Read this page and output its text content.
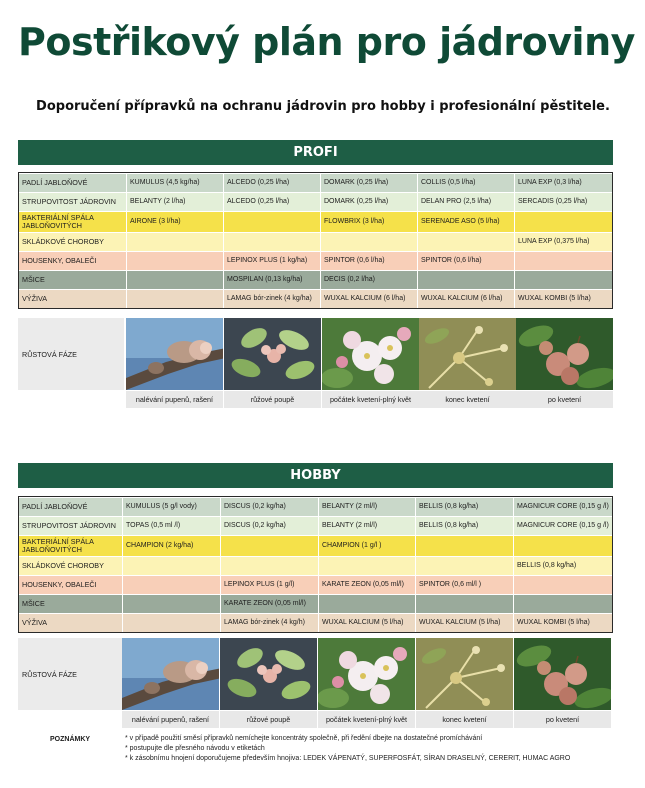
Postřikový plán pro jádroviny
Doporučení přípravků na ochranu jádrovin pro hobby i profesionální pěstitele.
PROFI
PADLÍ JABLOŇOVÉ	KUMULUS (4,5 kg/ha)	ALCEDO (0,25 l/ha)	DOMARK (0,25 l/ha)	COLLIS (0,5 l/ha)	LUNA EXP (0,3 l/ha)
STRUPOVITOST JÁDROVIN	BELANTY (2 l/ha)	ALCEDO (0,25 l/ha)	DOMARK (0,25 l/ha)	DELAN PRO (2,5 l/ha)	SERCADIS (0,25 l/ha)
BAKTERIÁLNÍ SPÁLA JABLOŇOVITÝCH	AIRONE (3 l/ha)		FLOWBRIX (3 l/ha)	SERENADE ASO (5 l/ha)	
SKLÁDKOVÉ CHOROBY					LUNA EXP (0,375 l/ha)
HOUSENKY, OBALEČI		LEPINOX PLUS (1 kg/ha)	SPINTOR (0,6 l/ha)	SPINTOR (0,6 l/ha)	
MŠICE		MOSPILAN (0,13 kg/ha)	DECIS (0,2 l/ha)		
VÝŽIVA		LAMAG bór-zinek (4 kg/ha)	WUXAL KALCIUM (6 l/ha)	WUXAL KALCIUM (6 l/ha)	WUXAL KOMBI (5 l/ha)
RŮSTOVÁ FÁZE
nalévání pupenů, rašení	růžové poupě	počátek kvetení-plný květ	konec kvetení	po kvetení
HOBBY
PADLÍ JABLOŇOVÉ	KUMULUS (5 g/l vody)	DISCUS (0,2 kg/ha)	BELANTY (2 ml/l)	BELLIS (0,8 kg/ha)	MAGNICUR CORE (0,15 g /l)
STRUPOVITOST JÁDROVIN	TOPAS (0,5 ml /l)	DISCUS (0,2 kg/ha)	BELANTY (2 ml/l)	BELLIS (0,8 kg/ha)	MAGNICUR CORE (0,15 g /l)
BAKTERIÁLNÍ SPÁLA JABLOŇOVITÝCH	CHAMPION (2 kg/ha)		CHAMPION (1 g/l )		
SKLÁDKOVÉ CHOROBY					BELLIS (0,8 kg/ha)
HOUSENKY, OBALEČI		LEPINOX PLUS (1 g/l)	KARATE ZEON (0,05 ml/l)	SPINTOR (0,6 ml/l )	
MŠICE		KARATE ZEON (0,05 ml/l)			
VÝŽIVA		LAMAG bór-zinek (4 kg/h)	WUXAL KALCIUM (5 l/ha)	WUXAL KALCIUM (5 l/ha)	WUXAL KOMBI (5 l/ha)
RŮSTOVÁ FÁZE
nalévání pupenů, rašení	růžové poupě	počátek kvetení-plný květ	konec kvetení	po kvetení
POZNÁMKY	* v případě použití směsí přípravků nemíchejte koncentráty společně, při ředění dbejte na dostatečné promíchávání
* postupujte dle přesného návodu v etiketách
* k zásobnímu hnojení doporučujeme především hnojiva: LEDEK VÁPENATÝ, SUPERFOSFÁT, SÍRAN DRASELNÝ, CERERIT, HUMAC AGRO
